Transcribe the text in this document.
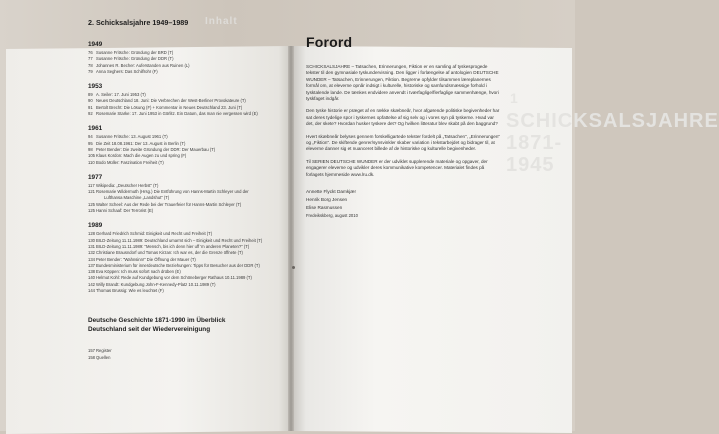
Inhalt
2. Schicksalsjahre 1949–1989
1949
76 Susanne Fritsche: Gründung der BRD (T)
77 Susanne Fritsche: Gründung der DDR (T)
78 Johannes R. Becher: Auferstanden aus Ruinen (L)
79 Anna Seghers: Das Schilfrohr (F)
1953
89 A. Seiler: 17. Juni 1953 (T)
90 Neues Deutschland 18. Juni: Die Verbrechen der West-Berliner Provokateure (T)
91 Bertolt Brecht: Die Lösung (F) + Kommentar in Neues Deutschland 23. Juni (T)
92 Rosemarie Starke: 17. Juni 1953 in Görlitz. Ein Datum, das man nie vergessen wird (E)
1961
94 Susanne Fritsche: 13. August 1961 (T)
95 Die Zeit 18.08.1961: Der 13. August in Berlin (T)
98 Peter Bender: Die zweite Gründung der DDR: Der Mauerbau (T)
105 Klaus Kordon: Mach die Augen zu und spring (F)
110 Bodo Müller: Faszination Freiheit (T)
1977
117 Wikipedia: „Deutscher Herbst" (T)
121 Rosemarie Wildermuth (Hrsg.) Die Entführung von Hanns-Martin Schleyer und der
Lufthansa Maschine „Landshut" (T)
125 Walter Scheel: Aus der Rede bei der Trauerfeier für Hanns-Martin Schleyer (T)
125 Hanni Schaaf: Der Terrorist (E)
1989
128 Gerhard Friedrich Schmid: Einigkeit und Recht und Freiheit (T)
130 BILD-Zeitung 11.11.1989: Deutschland umarmt sich – Einigkeit und Recht und Freiheit (T)
131 BILD-Zeitung 11.11.1989: "Mensch, bis ich denn hier uff 'm anderen Planeten?" (T)
132 Christiane Brausndorf und Tomas Kirzan: Ich war es, der die Grenze öffnete (T)
134 Peter Bender: "Wahnsinn!" Die Öffnung der Mauer (T)
137 Bundesministerium für innerdeutsche Beziehungen: Tipps für Besucher aus der DDR (T)
138 Eva Köppen: Ich muss sofort nach drüben (E)
140 Helmut Kohl: Rede auf Kundgebung vor dem Schöneberger Rathaus 10.11.1989 (T)
142 Willy Brandt: Kundgebung John-F-Kennedy-Platz 10.11.1989 (T)
144 Thomas Brussig: Wie es leuchtet (F)
Deutsche Geschichte 1871-1990 im Überblick
Deutschland seit der Wiedervereinigung
157 Register
158 Quellen
1
SCHICKSALSJAHRE 1871-1945
Forord

SCHICKSALSJAHRE – Tatsachen, Erinnerungen, Fiktion er en samling af tyskesprogede tekster til den gymnasiale tyskundervisning. Den ligger i forlængelse af antologien DEUTSCHE WUNDER – Tatsachen, Erinnerungen, Fiktion. Begrerne opfylder tilsammen læreplanernes formål om, at eleverne opnår indsigt i kulturelle, historiske og samfundsmæssige forhold i tysktalende lande. De tænkes endvidere anvendt i tværfaglige/flerfaglige sammenhænge, hvori tyskfaget indgår.

Den tyske historie er præget af en række skæbneår, hvor afgørende politiske begivenheder har sat deres tydelige spor i tyskernes opfattelse af sig selv og i vores syn på tyskerne. Hvad var det, der skete? Hvordan husker tyskere det? Og hvilken litteratur blev skabt på den baggrund?

Hvert skæbneår belyses gennem forskelligartede tekster fordelt på „Tatsachen", „Erinnerungen" og „Fiktion". De skiftende genrer/synsvinkler skaber variation i tekstarbejdet og bidrager til, at eleverne danner sig et nuanceret billede af de historiske og kulturelle begivenheder.

Til SERIEN DEUTSCHE WUNDER er der udviklet supplerende materiale og opgaver, der engagerer eleverne og udvikler deres kommunikative kompetencer. Materialet findes på forlagets hjemmeside www.lru.dk.

Annette Flyckt Damkjær
Henrik Borg Jensen
Elise Rasmussen
Fredeikskberg, august 2010
